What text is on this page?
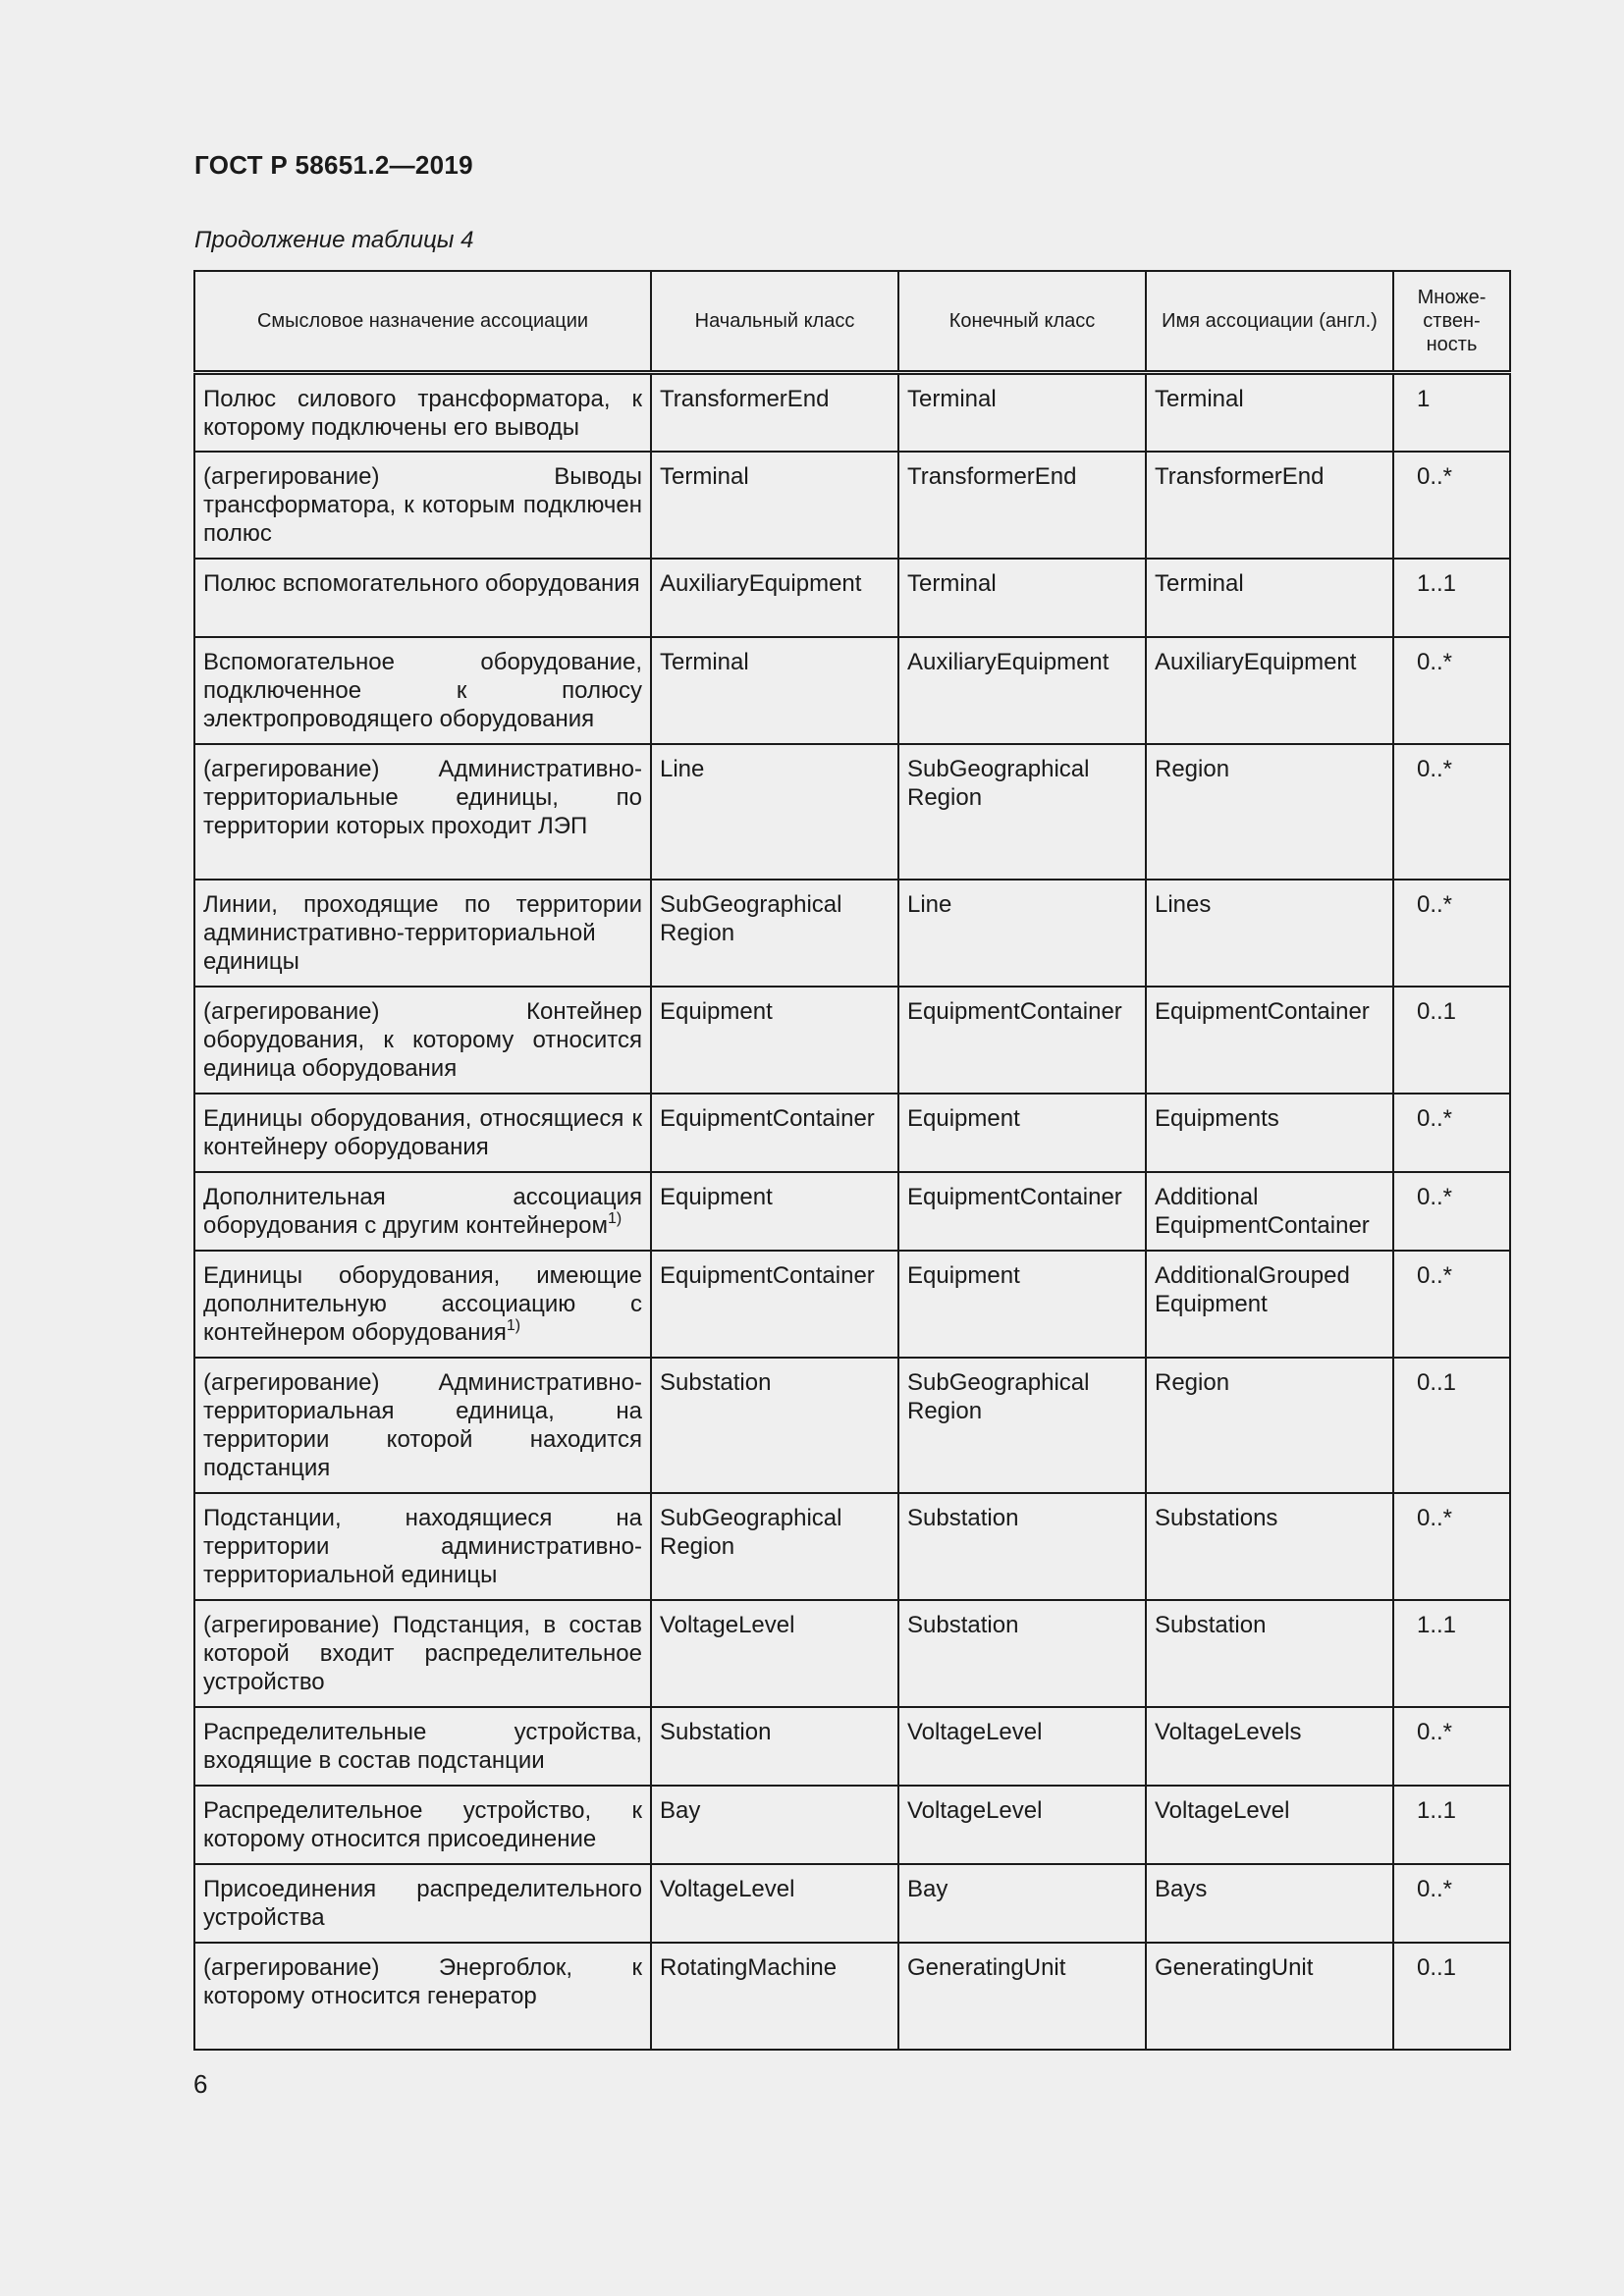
ГОСТ Р 58651.2—2019
Продолжение таблицы 4
Смысловое назначение ассоциации	Начальный класс	Конечный класс	Имя ассоциации (англ.)	Множе-ствен-ность
Полюс силового трансформатора, к которому подключены его выводы	TransformerEnd	Terminal	Terminal	1
(агрегирование) Выводы трансформатора, к которым подключен полюс	Terminal	TransformerEnd	TransformerEnd	0..*
Полюс вспомогательного оборудования	AuxiliaryEquipment	Terminal	Terminal	1..1
Вспомогательное оборудование, подключенное к полюсу электропроводящего оборудования	Terminal	AuxiliaryEquipment	AuxiliaryEquipment	0..*
(агрегирование) Административно-территориальные единицы, по территории которых проходит ЛЭП	Line	SubGeographical Region	Region	0..*
Линии, проходящие по территории административно-территориальной единицы	SubGeographical Region	Line	Lines	0..*
(агрегирование) Контейнер оборудования, к которому относится единица оборудования	Equipment	EquipmentContainer	EquipmentContainer	0..1
Единицы оборудования, относящиеся к контейнеру оборудования	EquipmentContainer	Equipment	Equipments	0..*
Дополнительная ассоциация оборудования с другим контейнером$^{1)}$	Equipment	EquipmentContainer	Additional EquipmentContainer	0..*
Единицы оборудования, имеющие дополнительную ассоциацию с контейнером оборудования$^{1)}$	EquipmentContainer	Equipment	AdditionalGrouped Equipment	0..*
(агрегирование) Административно-территориальная единица, на территории которой находится подстанция	Substation	SubGeographical Region	Region	0..1
Подстанции, находящиеся на территории административно-территориальной единицы	SubGeographical Region	Substation	Substations	0..*
(агрегирование) Подстанция, в состав которой входит распределительное устройство	VoltageLevel	Substation	Substation	1..1
Распределительные устройства, входящие в состав подстанции	Substation	VoltageLevel	VoltageLevels	0..*
Распределительное устройство, к которому относится присоединение	Bay	VoltageLevel	VoltageLevel	1..1
Присоединения распределительного устройства	VoltageLevel	Bay	Bays	0..*
(агрегирование) Энергоблок, к которому относится генератор	RotatingMachine	GeneratingUnit	GeneratingUnit	0..1
6
